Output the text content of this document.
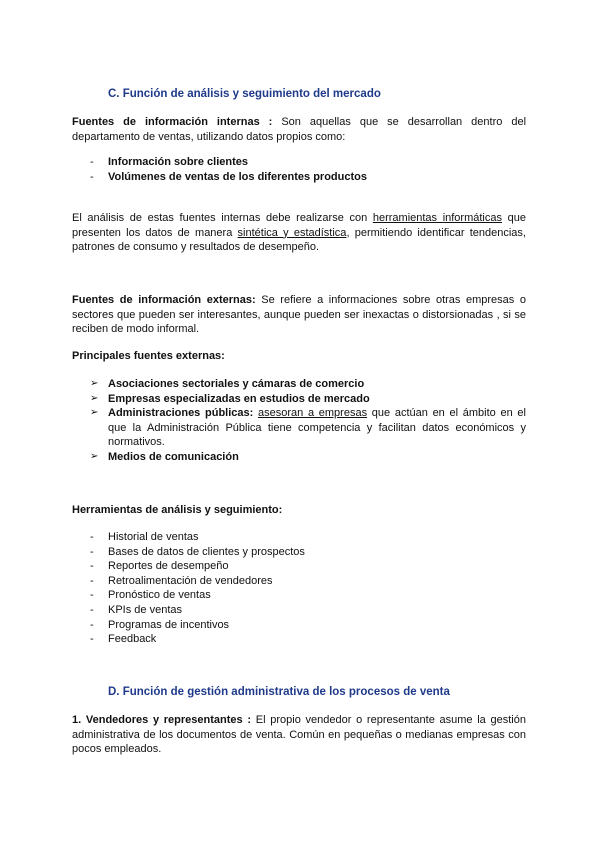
C. Función de análisis y seguimiento del mercado
Fuentes de información internas : Son aquellas que se desarrollan dentro del departamento de ventas, utilizando datos propios como:
- Información sobre clientes
- Volúmenes de ventas de los diferentes productos
El análisis de estas fuentes internas debe realizarse con herramientas informáticas que presenten los datos de manera sintética y estadística, permitiendo identificar tendencias, patrones de consumo y resultados de desempeño.
Fuentes de información externas: Se refiere a informaciones sobre otras empresas o sectores que pueden ser interesantes, aunque pueden ser inexactas o distorsionadas , si se reciben de modo informal.
Principales fuentes externas:
➢ Asociaciones sectoriales y cámaras de comercio
➢ Empresas especializadas en estudios de mercado
➢ Administraciones públicas: asesoran a empresas que actúan en el ámbito en el que la Administración Pública tiene competencia y facilitan datos económicos y normativos.
➢ Medios de comunicación
Herramientas de análisis y seguimiento:
- Historial de ventas
- Bases de datos de clientes y prospectos
- Reportes de desempeño
- Retroalimentación de vendedores
- Pronóstico de ventas
- KPIs de ventas
- Programas de incentivos
- Feedback
D. Función de gestión administrativa de los procesos de venta
1. Vendedores y representantes : El propio vendedor o representante asume la gestión administrativa de los documentos de venta. Común en pequeñas o medianas empresas con pocos empleados.
